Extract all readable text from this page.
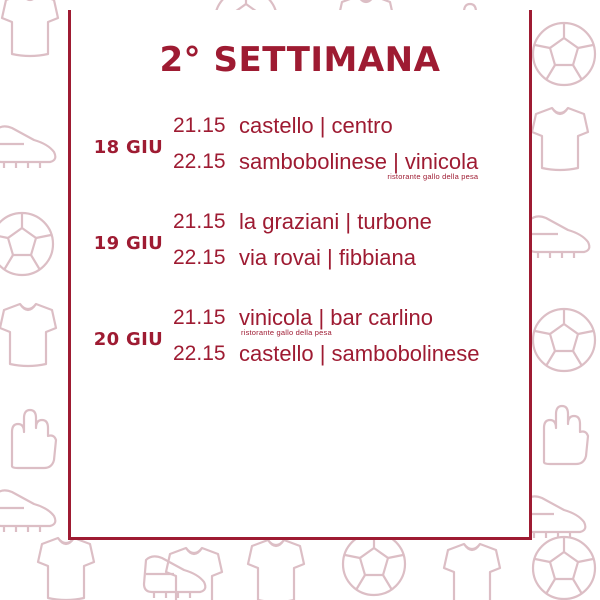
2° SETTIMANA
18 GIU
21.15 castello | centro
22.15 sambobolinese | vinicola
ristorante gallo della pesa
19 GIU
21.15 la graziani | turbone
22.15 via rovai | fibbiana
20 GIU
21.15 vinicola | bar carlino
ristorante gallo della pesa
22.15 castello | sambobolinese
